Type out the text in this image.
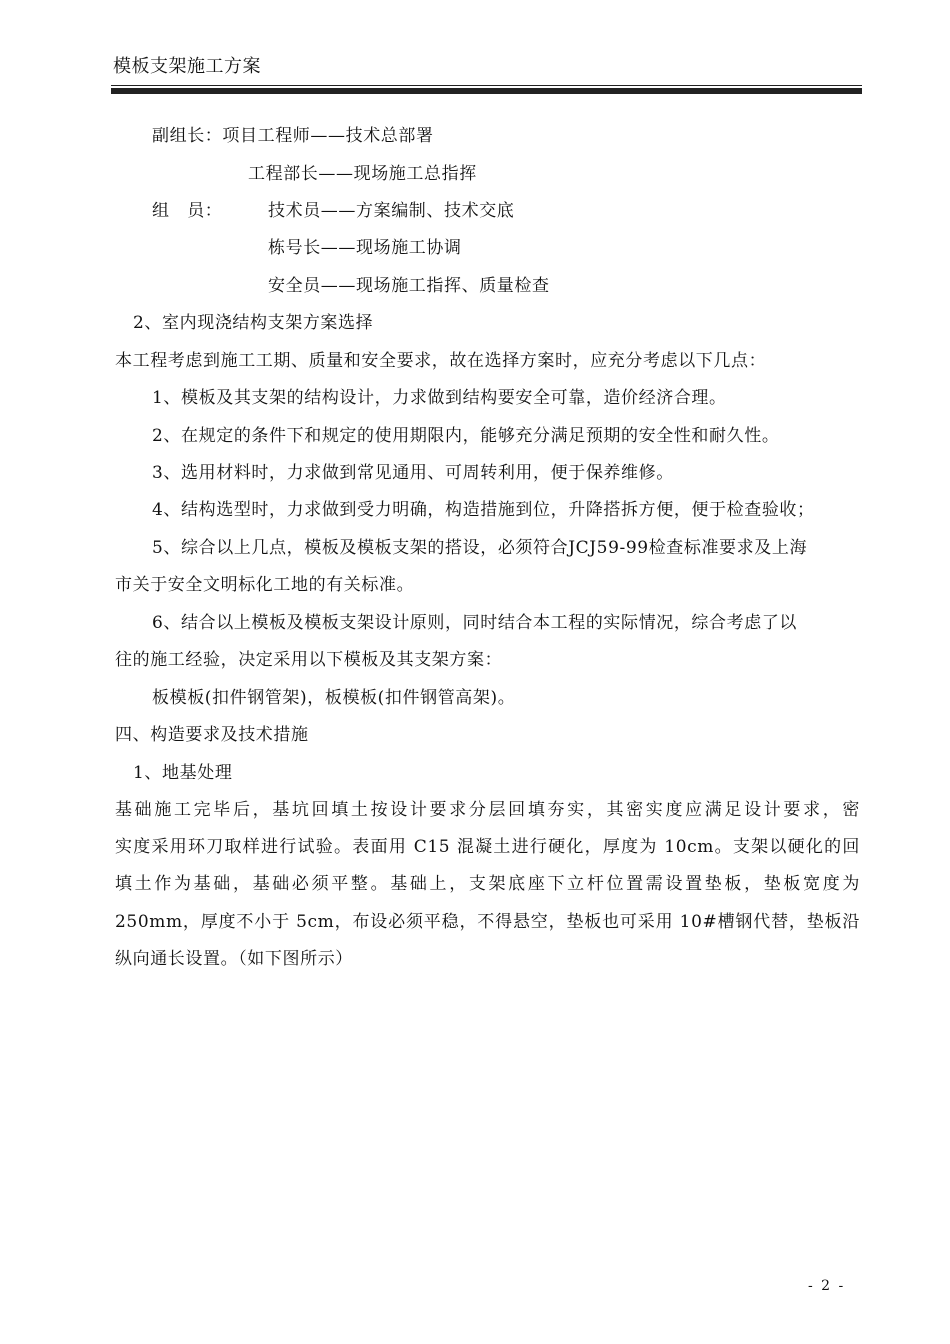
模板支架施工方案
副组长：项目工程师——技术总部署
工程部长——现场施工总指挥
组　员：	技术员——方案编制、技术交底
栋号长——现场施工协调
安全员——现场施工指挥、质量检查
2、室内现浇结构支架方案选择
本工程考虑到施工工期、质量和安全要求，故在选择方案时，应充分考虑以下几点：
1、模板及其支架的结构设计，力求做到结构要安全可靠，造价经济合理。
2、在规定的条件下和规定的使用期限内，能够充分满足预期的安全性和耐久性。
3、选用材料时，力求做到常见通用、可周转利用，便于保养维修。
4、结构选型时，力求做到受力明确，构造措施到位，升降搭拆方便，便于检查验收；
5、综合以上几点，模板及模板支架的搭设，必须符合JCJ59-99检查标准要求及上海
市关于安全文明标化工地的有关标准。
6、结合以上模板及模板支架设计原则，同时结合本工程的实际情况，综合考虑了以
往的施工经验，决定采用以下模板及其支架方案：
板模板(扣件钢管架)，板模板(扣件钢管高架)。
四、构造要求及技术措施
1、地基处理
基础施工完毕后，基坑回填土按设计要求分层回填夯实，其密实度应满足设计要求，密
实度采用环刀取样进行试验。表面用 C15 混凝土进行硬化，厚度为 10cm。支架以硬化的回
填土作为基础，基础必须平整。基础上，支架底座下立杆位置需设置垫板，垫板宽度为
250mm，厚度不小于 5cm，布设必须平稳，不得悬空，垫板也可采用 10#槽钢代替，垫板沿
纵向通长设置。（如下图所示）
- 2 -
